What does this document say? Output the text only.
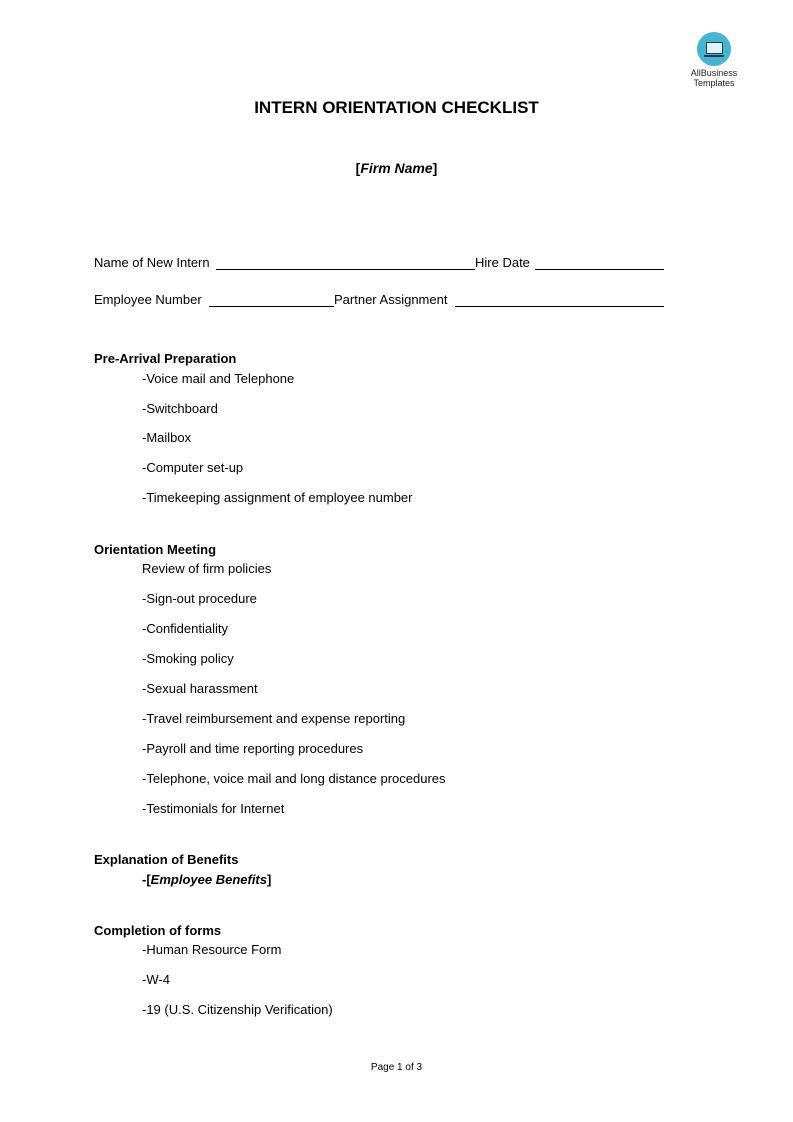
AllBusiness
Templates
INTERN ORIENTATION CHECKLIST
[Firm Name]
Name of New Intern	Hire Date
Employee Number	Partner Assignment
Pre-Arrival Preparation
-Voice mail and Telephone
-Switchboard
-Mailbox
-Computer set-up
-Timekeeping assignment of employee number
Orientation Meeting
Review of firm policies
-Sign-out procedure
-Confidentiality
-Smoking policy
-Sexual harassment
-Travel reimbursement and expense reporting
-Payroll and time reporting procedures
-Telephone, voice mail and long distance procedures
-Testimonials for Internet
Explanation of Benefits
-[Employee Benefits]
Completion of forms
-Human Resource Form
-W-4
-19 (U.S. Citizenship Verification)
Page 1 of 3
